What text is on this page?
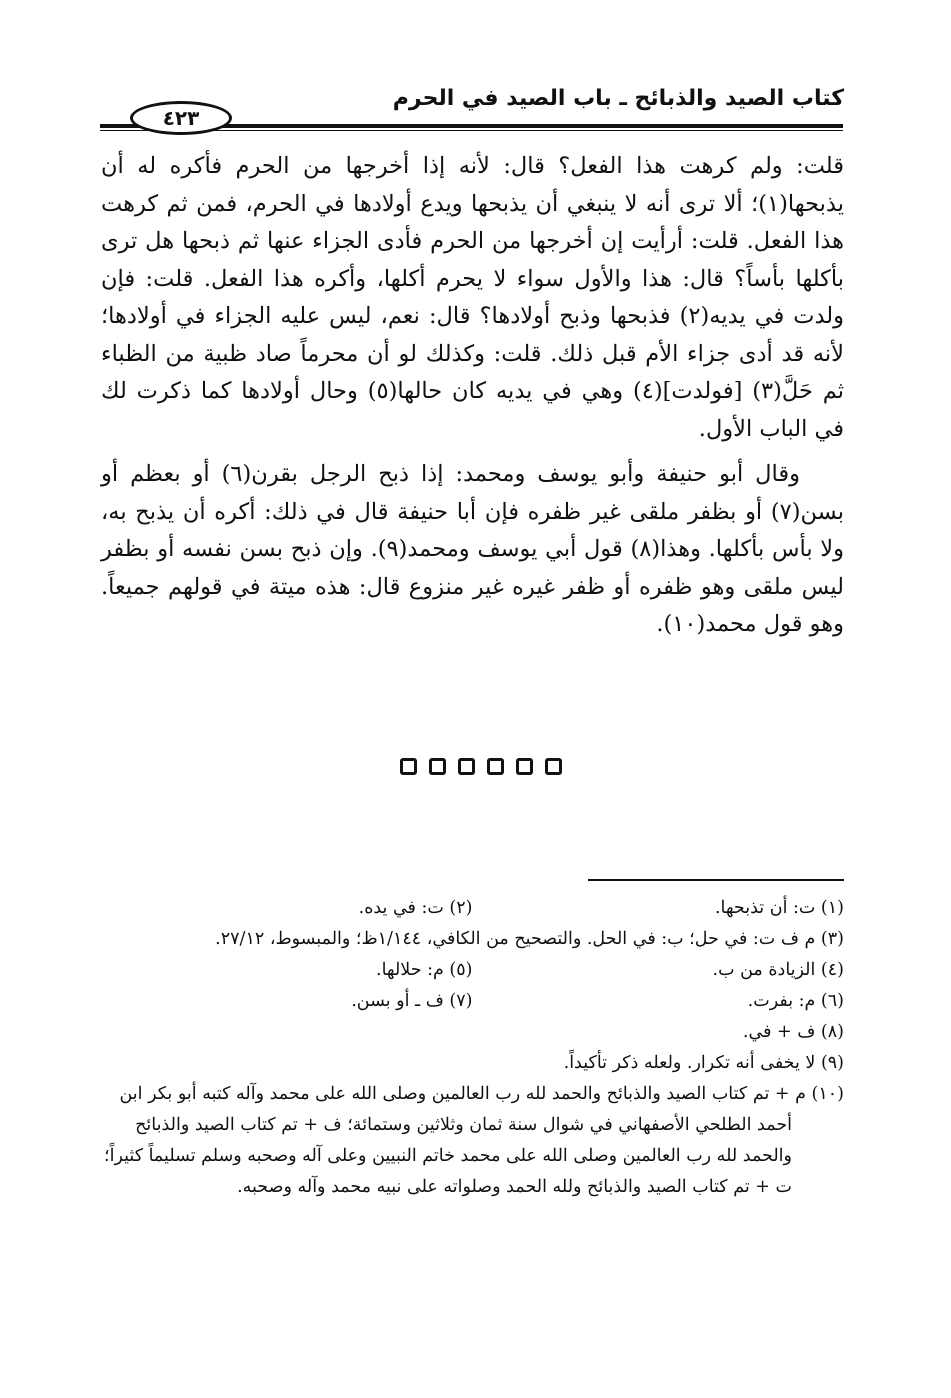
كتاب الصيد والذبائح ـ باب الصيد في الحرم
٤٢٣

قلت: ولم كرهت هذا الفعل؟ قال: لأنه إذا أخرجها من الحرم فأكره له أن يذبحها(١)؛ ألا ترى أنه لا ينبغي أن يذبحها ويدع أولادها في الحرم، فمن ثم كرهت هذا الفعل. قلت: أرأيت إن أخرجها من الحرم فأدى الجزاء عنها ثم ذبحها هل ترى بأكلها بأساً؟ قال: هذا والأول سواء لا يحرم أكلها، وأكره هذا الفعل. قلت: فإن ولدت في يديه(٢) فذبحها وذبح أولادها؟ قال: نعم، ليس عليه الجزاء في أولادها؛ لأنه قد أدى جزاء الأم قبل ذلك. قلت: وكذلك لو أن محرماً صاد ظبية من الظباء ثم حَلَّ(٣) [فولدت](٤) وهي في يديه كان حالها(٥) وحال أولادها كما ذكرت لك في الباب الأول.

وقال أبو حنيفة وأبو يوسف ومحمد: إذا ذبح الرجل بقرن(٦) أو بعظم أو بسن(٧) أو بظفر ملقى غير ظفره فإن أبا حنيفة قال في ذلك: أكره أن يذبح به، ولا بأس بأكلها. وهذا(٨) قول أبي يوسف ومحمد(٩). وإن ذبح بسن نفسه أو بظفر ليس ملقى وهو ظفره أو ظفر غيره غير منزوع قال: هذه ميتة في قولهم جميعاً. وهو قول محمد(١٠).

(١) ت: أن تذبحها.
(٢) ت: في يده.
(٣) م ف ت: في حل؛ ب: في الحل. والتصحيح من الكافي، ١/١٤٤ظ؛ والمبسوط، ٢٧/١٢.
(٤) الزيادة من ب.
(٥) م: حلالها.
(٦) م: بفرت.
(٧) ف ـ أو بسن.
(٨) ف + في.
(٩) لا يخفى أنه تكرار. ولعله ذكر تأكيداً.
(١٠) م + تم كتاب الصيد والذبائح والحمد لله رب العالمين وصلى الله على محمد وآله كتبه أبو بكر ابن أحمد الطلحي الأصفهاني في شوال سنة ثمان وثلاثين وستمائة؛ ف + تم كتاب الصيد والذبائح والحمد لله رب العالمين وصلى الله على محمد خاتم النبيين وعلى آله وصحبه وسلم تسليماً كثيراً؛ ت + تم كتاب الصيد والذبائح ولله الحمد وصلواته على نبيه محمد وآله وصحبه.
